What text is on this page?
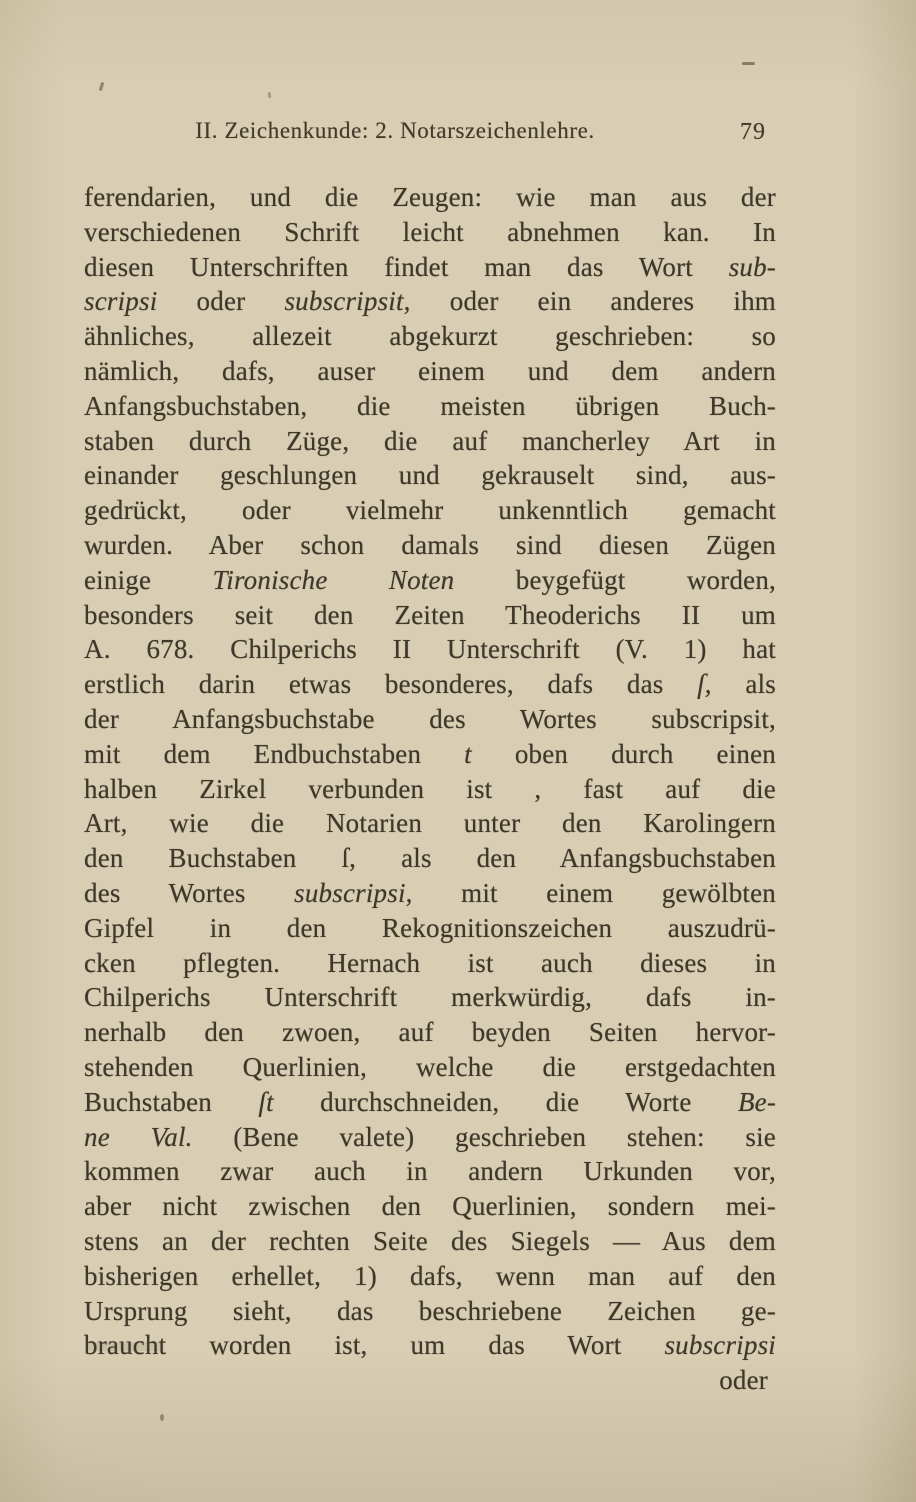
II. Zeichenkunde: 2. Notarszeichenlehre.	79
ferendarien, und die Zeugen: wie man aus der
verschiedenen Schrift leicht abnehmen kan. In
diesen Unterschriften findet man das Wort sub-
scripsi oder subscripsit, oder ein anderes ihm
ähnliches, allezeit abgekurzt geschrieben: so
nämlich, dafs, auser einem und dem andern
Anfangsbuchstaben, die meisten übrigen Buch-
staben durch Züge, die auf mancherley Art in
einander geschlungen und gekrauselt sind, aus-
gedrückt, oder vielmehr unkenntlich gemacht
wurden. Aber schon damals sind diesen Zügen
einige Tironische Noten beygefügt worden,
besonders seit den Zeiten Theoderichs II um
A. 678. Chilperichs II Unterschrift (V. 1) hat
erstlich darin etwas besonderes, dafs das ſ, als
der Anfangsbuchstabe des Wortes subscripsit,
mit dem Endbuchstaben t oben durch einen
halben Zirkel verbunden ist , fast auf die
Art, wie die Notarien unter den Karolingern
den Buchstaben ſ, als den Anfangsbuchstaben
des Wortes subscripsi, mit einem gewölbten
Gipfel in den Rekognitionszeichen auszudrü-
cken pflegten. Hernach ist auch dieses in
Chilperichs Unterschrift merkwürdig, dafs in-
nerhalb den zwoen, auf beyden Seiten hervor-
stehenden Querlinien, welche die erstgedachten
Buchstaben ſt durchschneiden, die Worte Be-
ne Val. (Bene valete) geschrieben stehen: sie
kommen zwar auch in andern Urkunden vor,
aber nicht zwischen den Querlinien, sondern mei-
stens an der rechten Seite des Siegels — Aus dem
bisherigen erhellet, 1) dafs, wenn man auf den
Ursprung sieht, das beschriebene Zeichen ge-
braucht worden ist, um das Wort subscripsi
oder
